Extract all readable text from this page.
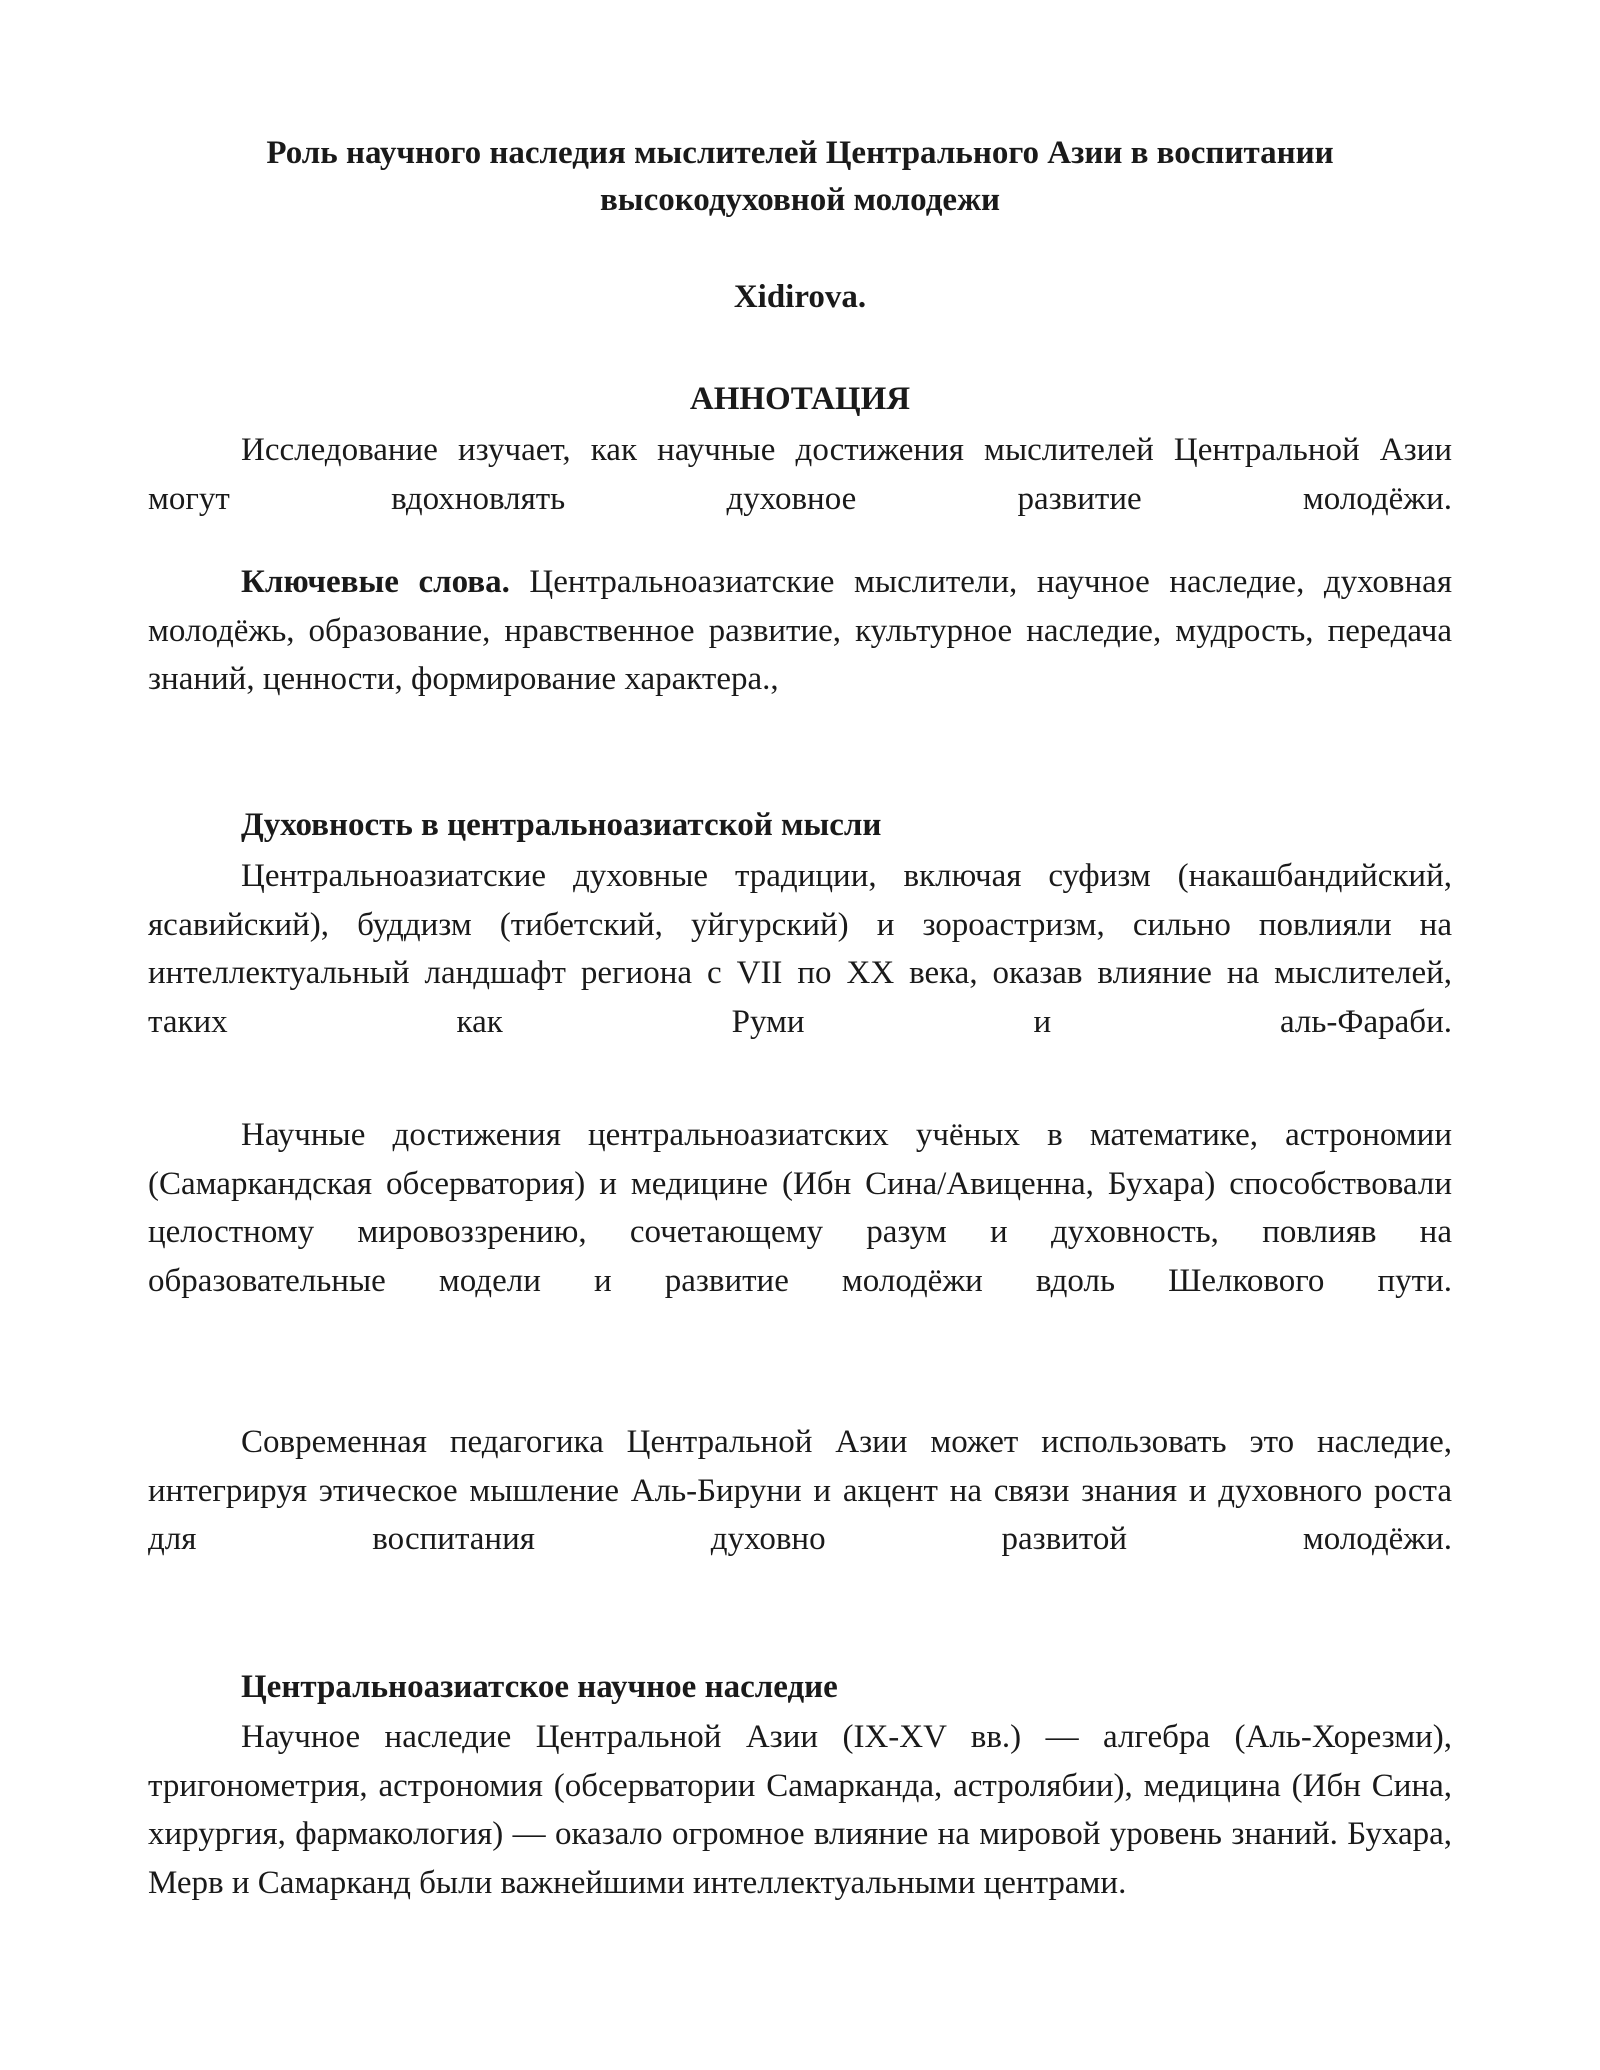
Роль научного наследия мыслителей Центрального Азии в воспитании высокодуховной молодежи
Xidirova.
АННОТАЦИЯ
Исследование изучает, как научные достижения мыслителей Центральной Азии могут вдохновлять духовное развитие молодёжи.
Ключевые слова. Центральноазиатские мыслители, научное наследие, духовная молодёжь, образование, нравственное развитие, культурное наследие, мудрость, передача знаний, ценности, формирование характера.,
Духовность в центральноазиатской мысли
Центральноазиатские духовные традиции, включая суфизм (накашбандийский, ясавийский), буддизм (тибетский, уйгурский) и зороастризм, сильно повлияли на интеллектуальный ландшафт региона с VII по XX века, оказав влияние на мыслителей, таких как Руми и аль-Фараби.
Научные достижения центральноазиатских учёных в математике, астрономии (Самаркандская обсерватория) и медицине (Ибн Сина/Авиценна, Бухара) способствовали целостному мировоззрению, сочетающему разум и духовность, повлияв на образовательные модели и развитие молодёжи вдоль Шелкового пути.
Современная педагогика Центральной Азии может использовать это наследие, интегрируя этическое мышление Аль-Бируни и акцент на связи знания и духовного роста для воспитания духовно развитой молодёжи.
Центральноазиатское научное наследие
Научное наследие Центральной Азии (IX-XV вв.) — алгебра (Аль-Хорезми), тригонометрия, астрономия (обсерватории Самарканда, астролябии), медицина (Ибн Сина, хирургия, фармакология) — оказало огромное влияние на мировой уровень знаний. Бухара, Мерв и Самарканд были важнейшими интеллектуальными центрами.
